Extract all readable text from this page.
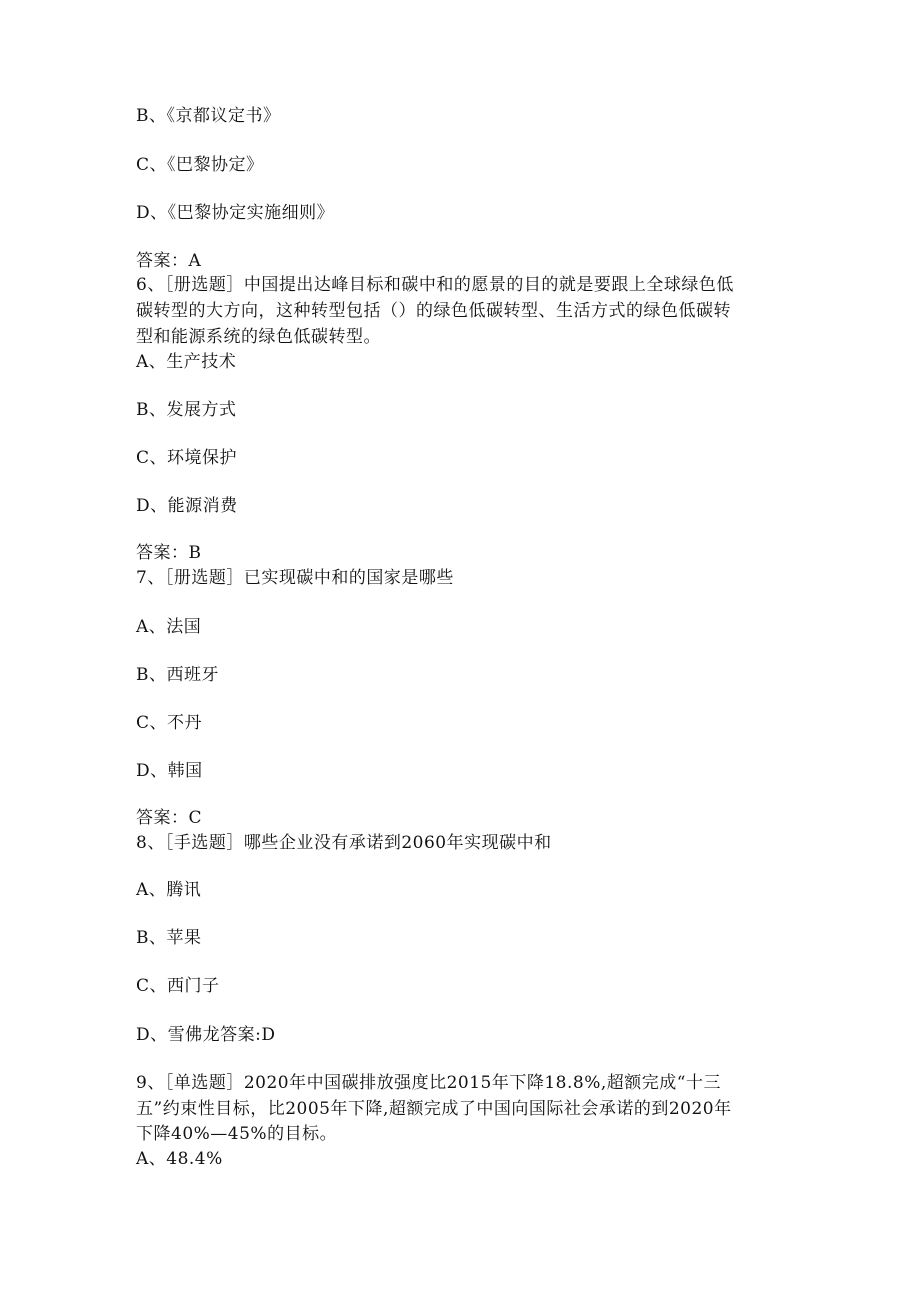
B、《京都议定书》
C、《巴黎协定》
D、《巴黎协定实施细则》
答案：A
6、［册选题］中国提出达峰目标和碳中和的愿景的目的就是要跟上全球绿色低
碳转型的大方向，这种转型包括（）的绿色低碳转型、生活方式的绿色低碳转
型和能源系统的绿色低碳转型。
A、生产技术
B、发展方式
C、环境保护
D、能源消费
答案：B
7、［册选题］已实现碳中和的国家是哪些
A、法国
B、西班牙
C、不丹
D、韩国
答案：C
8、［手选题］哪些企业没有承诺到2060年实现碳中和
A、腾讯
B、苹果
C、西门子
D、雪佛龙答案:D
9、［单选题］2020年中国碳排放强度比2015年下降18.8%,超额完成“十三
五”约束性目标，比2005年下降,超额完成了中国向国际社会承诺的到2020年
下降40%—45%的目标。
A、48.4%
